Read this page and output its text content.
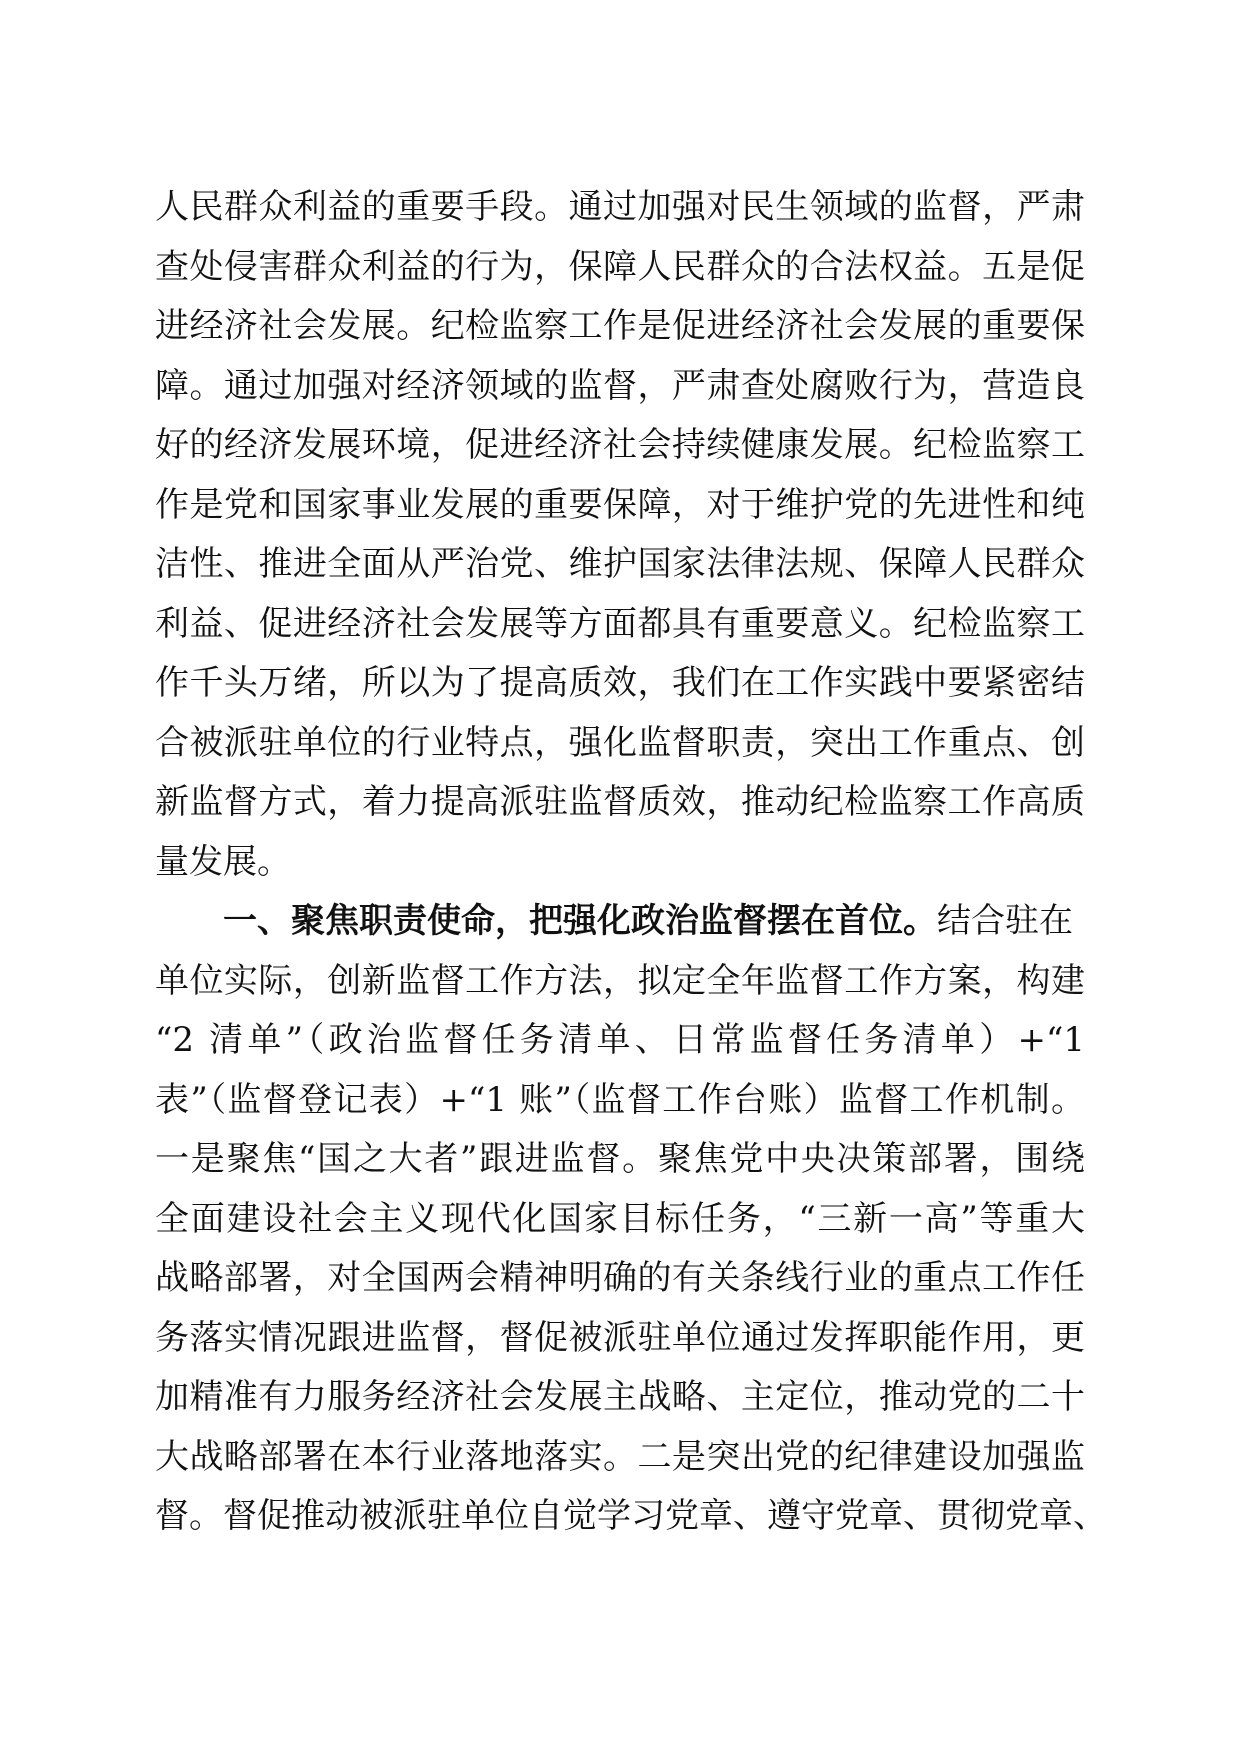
人民群众利益的重要手段。通过加强对民生领域的监督，严肃
查处侵害群众利益的行为，保障人民群众的合法权益。五是促
进经济社会发展。纪检监察工作是促进经济社会发展的重要保
障。通过加强对经济领域的监督，严肃查处腐败行为，营造良
好的经济发展环境，促进经济社会持续健康发展。纪检监察工
作是党和国家事业发展的重要保障，对于维护党的先进性和纯
洁性、推进全面从严治党、维护国家法律法规、保障人民群众
利益、促进经济社会发展等方面都具有重要意义。纪检监察工
作千头万绪，所以为了提高质效，我们在工作实践中要紧密结
合被派驻单位的行业特点，强化监督职责，突出工作重点、创
新监督方式，着力提高派驻监督质效，推动纪检监察工作高质
量发展。
一、聚焦职责使命，把强化政治监督摆在首位。结合驻在
单位实际，创新监督工作方法，拟定全年监督工作方案，构建
“2 清单”（政治监督任务清单、日常监督任务清单）+“1
表”（监督登记表）+“1 账”（监督工作台账）监督工作机制。
一是聚焦“国之大者”跟进监督。聚焦党中央决策部署，围绕
全面建设社会主义现代化国家目标任务，“三新一高”等重大
战略部署，对全国两会精神明确的有关条线行业的重点工作任
务落实情况跟进监督，督促被派驻单位通过发挥职能作用，更
加精准有力服务经济社会发展主战略、主定位，推动党的二十
大战略部署在本行业落地落实。二是突出党的纪律建设加强监
督。督促推动被派驻单位自觉学习党章、遵守党章、贯彻党章、
